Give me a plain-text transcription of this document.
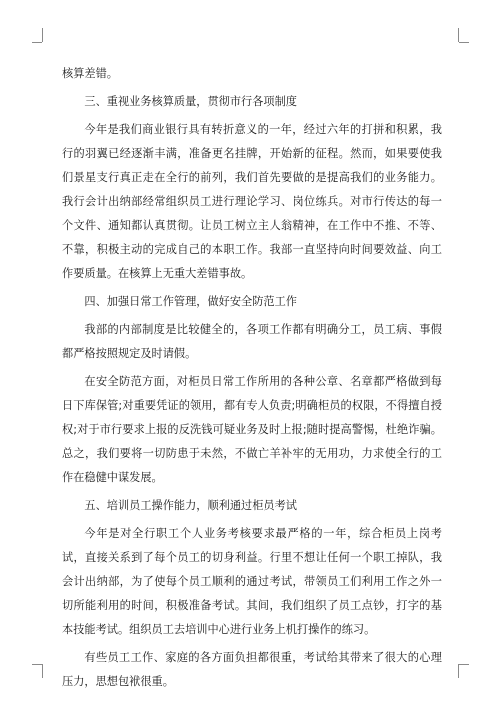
核算差错。

三、重视业务核算质量，贯彻市行各项制度

今年是我们商业银行具有转折意义的一年，经过六年的打拼和积累，我行的羽翼已经逐渐丰满，准备更名挂牌，开始新的征程。然而，如果要使我们景星支行真正走在全行的前列，我们首先要做的是提高我们的业务能力。我行会计出纳部经常组织员工进行理论学习、岗位练兵。对市行传达的每一个文件、通知都认真贯彻。让员工树立主人翁精神，在工作中不推、不等、不靠，积极主动的完成自己的本职工作。我部一直坚持向时间要效益、向工作要质量。在核算上无重大差错事故。

四、加强日常工作管理，做好安全防范工作

我部的内部制度是比较健全的，各项工作都有明确分工，员工病、事假都严格按照规定及时请假。

在安全防范方面，对柜员日常工作所用的各种公章、名章都严格做到每日下库保管;对重要凭证的领用，都有专人负责;明确柜员的权限，不得擅自授权;对于市行要求上报的反洗钱可疑业务及时上报;随时提高警惕，杜绝诈骗。总之，我们要将一切防患于未然，不做亡羊补牢的无用功，力求使全行的工作在稳健中谋发展。

五、培训员工操作能力，顺利通过柜员考试

今年是对全行职工个人业务考核要求最严格的一年，综合柜员上岗考试，直接关系到了每个员工的切身利益。行里不想让任何一个职工掉队，我会计出纳部，为了使每个员工顺利的通过考试，带领员工们利用工作之外一切所能利用的时间，积极准备考试。其间，我们组织了员工点钞，打字的基本技能考试。组织员工去培训中心进行业务上机打操作的练习。

有些员工工作、家庭的各方面负担都很重，考试给其带来了很大的心理压力，思想包袱很重。
